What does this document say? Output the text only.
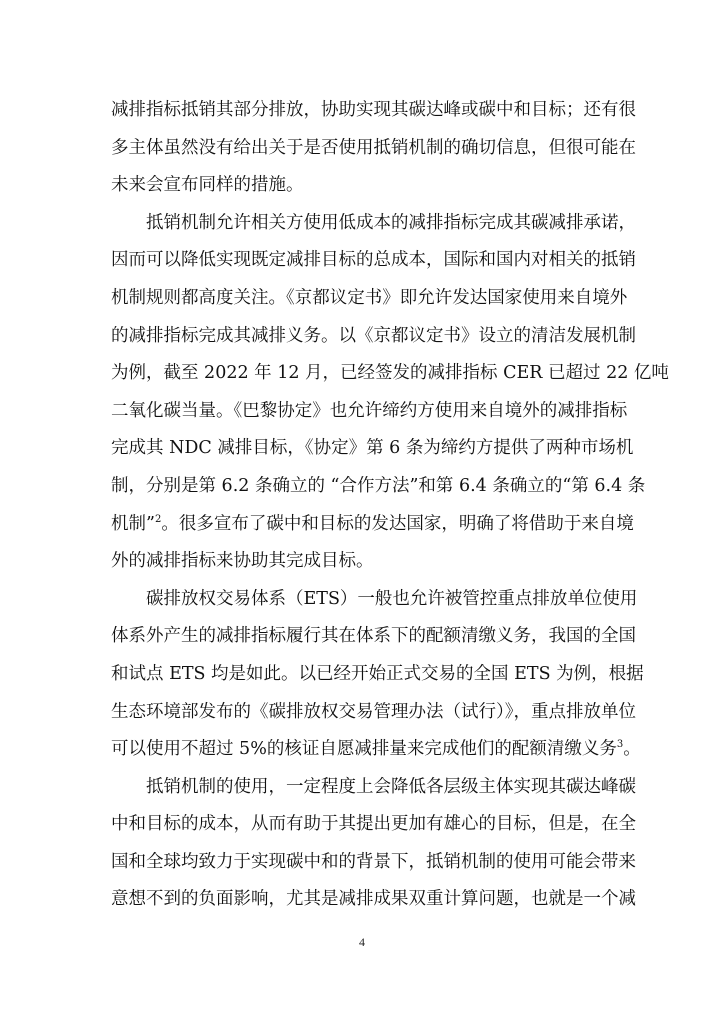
减排指标抵销其部分排放，协助实现其碳达峰或碳中和目标；还有很
多主体虽然没有给出关于是否使用抵销机制的确切信息，但很可能在
未来会宣布同样的措施。
抵销机制允许相关方使用低成本的减排指标完成其碳减排承诺，
因而可以降低实现既定减排目标的总成本，国际和国内对相关的抵销
机制规则都高度关注。《京都议定书》即允许发达国家使用来自境外
的减排指标完成其减排义务。以《京都议定书》设立的清洁发展机制
为例，截至 2022 年 12 月，已经签发的减排指标 CER 已超过 22 亿吨
二氧化碳当量。《巴黎协定》也允许缔约方使用来自境外的减排指标
完成其 NDC 减排目标，《协定》第 6 条为缔约方提供了两种市场机
制，分别是第 6.2 条确立的 “合作方法”和第 6.4 条确立的“第 6.4 条
机制”$^2$。很多宣布了碳中和目标的发达国家，明确了将借助于来自境
外的减排指标来协助其完成目标。
碳排放权交易体系（ETS）一般也允许被管控重点排放单位使用
体系外产生的减排指标履行其在体系下的配额清缴义务，我国的全国
和试点 ETS 均是如此。以已经开始正式交易的全国 ETS 为例，根据
生态环境部发布的《碳排放权交易管理办法（试行）》，重点排放单位
可以使用不超过 5%的核证自愿减排量来完成他们的配额清缴义务$^3$。
抵销机制的使用，一定程度上会降低各层级主体实现其碳达峰碳
中和目标的成本，从而有助于其提出更加有雄心的目标，但是，在全
国和全球均致力于实现碳中和的背景下，抵销机制的使用可能会带来
意想不到的负面影响，尤其是减排成果双重计算问题，也就是一个减
4
